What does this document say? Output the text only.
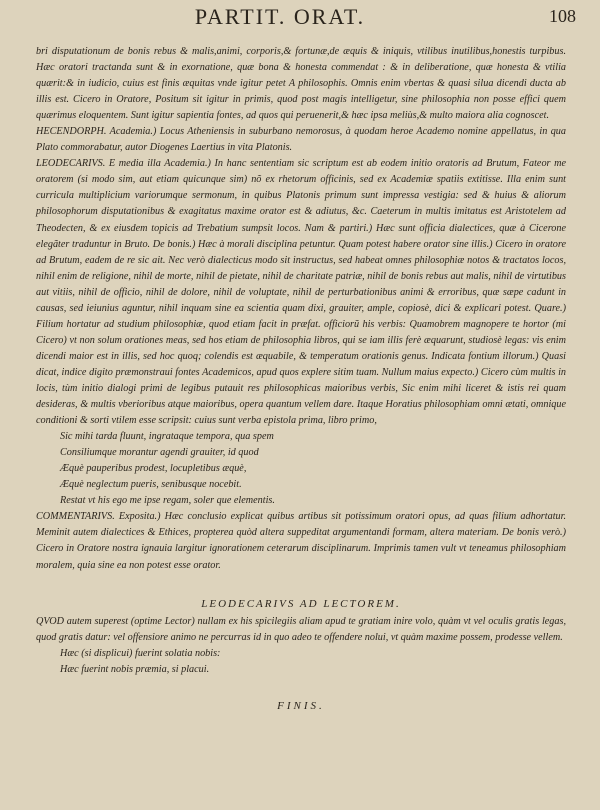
PARTIT. ORAT.	108

bri disputationum de bonis rebus & malis,animi, corporis,& fortunæ,de æquis & iniquis, vtilibus inutilibus,honestis turpibus. Hæc oratori tractanda sunt & in exornatione, quæ bona & honesta commendat : & in deliberatione, quæ honesta & vtilia quærit:& in iudicio, cuius est finis æquitas vnde igitur petet A philosophis. Omnis enim vbertas & quasi silua dicendi ducta ab illis est. Cicero in Oratore, Positum sit igitur in primis, quod post magis intelligetur, sine philosophia non posse effici quem quærimus eloquentem. Sunt igitur sapientia fontes, ad quos qui peruenerit,& hæc ipsa meliùs,& multo maiora alia cognoscet.

HECENDORPH. Academia.) Locus Atheniensis in suburbano nemorosus, à quodam heroe Academo nomine appellatus, in qua Plato commorabatur, autor Diogenes Laertius in vita Platonis.

LEODECARIVS. E media illa Academia.) In hanc sententiam sic scriptum est ab eodem initio oratoris ad Brutum, Fateor me oratorem (si modo sim, aut etiam quicunque sim) nõ ex rhetorum officinis, sed ex Academiæ spatiis extitisse. Illa enim sunt curricula multiplicium variorumque sermonum, in quibus Platonis primum sunt impressa vestigia: sed & huius & aliorum philosophorum disputationibus & exagitatus maxime orator est & adiutus, &c. Caeterum in multis imitatus est Aristotelem ad Theodecten, & ex eiusdem topicis ad Trebatium sumpsit locos. Nam & partiri.) Hæc sunt officia dialectices, quæ à Cicerone elegãter traduntur in Bruto. De bonis.) Hæc à morali disciplina petuntur. Quam potest habere orator sine illis.) Cicero in oratore ad Brutum, eadem de re sic ait. Nec verò dialecticus modo sit instructus, sed habeat omnes philosophiæ notos & tractatos locos, nihil enim de religione, nihil de morte, nihil de pietate, nihil de charitate patriæ, nihil de bonis rebus aut malis, nihil de virtutibus aut vitiis, nihil de officio, nihil de dolore, nihil de voluptate, nihil de perturbationibus animi & erroribus, quæ sæpe cadunt in causas, sed ieiunius aguntur, nihil inquam sine ea scientia quam dixi, grauiter, ample, copiosè, dici & explicari potest. Quare.) Filium hortatur ad studium philosophiæ, quod etiam facit in præfat. officiorũ his verbis: Quamobrem magnopere te hortor (mi Cicero) vt non solum orationes meas, sed hos etiam de philosophia libros, qui se iam illis ferè æquarunt, studiosè legas: vis enim dicendi maior est in illis, sed hoc quoq; colendis est æquabile, & temperatum orationis genus. Indicata fontium illorum.) Quasi dicat, indice digito præmonstraui fontes Academicos, apud quos explere sitim tuam. Nullum maius expecto.) Cicero cùm multis in locis, tùm initio dialogi primi de legibus putauit res philosophicas maioribus verbis, Sic enim mihi liceret & istis rei quam desideras, & multis vberioribus atque maioribus, opera quantum vellem dare. Itaque Horatius philosophiam omni ætati, omnique conditioni & sorti vtilem esse scripsit: cuius sunt verba epistola prima, libro primo,

Sic mihi tarda fluunt, ingrataque tempora, qua spem
Consiliumque morantur agendi grauiter, id quod
Æquè pauperibus prodest, locupletibus æquè,
Æquè neglectum pueris, senibusque nocebit.
Restat vt his ego me ipse regam, soler que elementis.

COMMENTARIVS. Exposita.) Hæc conclusio explicat quibus artibus sit potissimum oratori opus, ad quas filium adhortatur. Meminit autem dialectices & Ethices, propterea quòd altera suppeditat argumentandi formam, altera materiam. De bonis verò.) Cicero in Oratore nostra ignauia largitur ignorationem ceterarum disciplinarum. Imprimis tamen vult vt teneamus philosophiam moralem, quia sine ea non potest esse orator.

LEODECARIVS AD LECTOREM.

QVOD autem superest (optime Lector) nullam ex his spicilegiis aliam apud te gratiam inire volo, quàm vt vel oculis gratis legas, quod gratis datur: vel offensiore animo ne percurras id in quo adeo te offendere nolui, vt quàm maxime possem, prodesse vellem.

Hæc (si displicui) fuerint solatia nobis:
Hæc fuerint nobis præmia, si placui.
FINIS.
